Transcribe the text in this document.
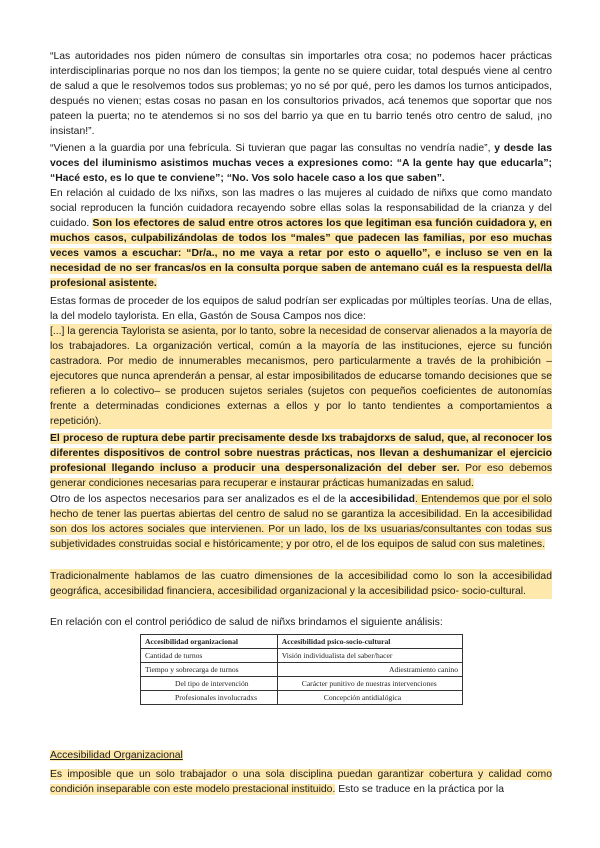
“Las autoridades nos piden número de consultas sin importarles otra cosa; no podemos hacer prácticas interdisciplinarias porque no nos dan los tiempos; la gente no se quiere cuidar, total después viene al centro de salud a que le resolvemos todos sus problemas; yo no sé por qué, pero les damos los turnos anticipados, después no vienen; estas cosas no pasan en los consultorios privados, acá tenemos que soportar que nos pateen la puerta; no te atendemos si no sos del barrio ya que en tu barrio tenés otro centro de salud, ¡no insistan!”.
“Vienen a la guardia por una febrícula. Si tuvieran que pagar las consultas no vendría nadie”, y desde las voces del iluminismo asistimos muchas veces a expresiones como: “A la gente hay que educarla”; “Hacé esto, es lo que te conviene”; “No. Vos solo hacele caso a los que saben”.
En relación al cuidado de lxs niñxs, son las madres o las mujeres al cuidado de niñxs que como mandato social reproducen la función cuidadora recayendo sobre ellas solas la responsabilidad de la crianza y del cuidado. Son los efectores de salud entre otros actores los que legitiman esa función cuidadora y, en muchos casos, culpabilizándolas de todos los “males” que padecen las familias, por eso muchas veces vamos a escuchar: “Dr/a., no me vaya a retar por esto o aquello”, e incluso se ven en la necesidad de no ser francas/os en la consulta porque saben de antemano cuál es la respuesta del/la profesional asistente.
Estas formas de proceder de los equipos de salud podrían ser explicadas por múltiples teorías. Una de ellas, la del modelo taylorista. En ella, Gastón de Sousa Campos nos dice:
[...] la gerencia Taylorista se asienta, por lo tanto, sobre la necesidad de conservar alienados a la mayoría de los trabajadores. La organización vertical, común a la mayoría de las instituciones, ejerce su función castradora. Por medio de innumerables mecanismos, pero particularmente a través de la prohibición –ejecutores que nunca aprenderán a pensar, al estar imposibilitados de educarse tomando decisiones que se refieren a lo colectivo– se producen sujetos seriales (sujetos con pequeños coeficientes de autonomías frente a determinadas condiciones externas a ellos y por lo tanto tendientes a comportamientos a repetición).
El proceso de ruptura debe partir precisamente desde lxs trabajdorxs de salud, que, al reconocer los diferentes dispositivos de control sobre nuestras prácticas, nos llevan a deshumanizar el ejercicio profesional llegando incluso a producir una despersonalización del deber ser. Por eso debemos generar condiciones necesarias para recuperar e instaurar prácticas humanizadas en salud.
Otro de los aspectos necesarios para ser analizados es el de la accesibilidad. Entendemos que por el solo hecho de tener las puertas abiertas del centro de salud no se garantiza la accesibilidad. En la accesibilidad son dos los actores sociales que intervienen. Por un lado, los de lxs usuarias/consultantes con todas sus subjetividades construidas social e históricamente; y por otro, el de los equipos de salud con sus maletines.
Tradicionalmente hablamos de las cuatro dimensiones de la accesibilidad como lo son la accesibilidad geográfica, accesibilidad financiera, accesibilidad organizacional y la accesibilidad psico- socio-cultural.
En relación con el control periódico de salud de niñxs brindamos el siguiente análisis:
Accesibilidad organizacional	Accesibilidad psico-socio-cultural
Cantidad de turnos	Visión individualista del saber/hacer
Tiempo y sobrecarga de turnos	Adiestramiento canino
Del tipo de intervención	Carácter punitivo de nuestras intervenciones
Profesionales involucradxs	Concepción antidialógica
Accesibilidad Organizacional
Es imposible que un solo trabajador o una sola disciplina puedan garantizar cobertura y calidad como condición inseparable con este modelo prestacional instituido. Esto se traduce en la práctica por la
